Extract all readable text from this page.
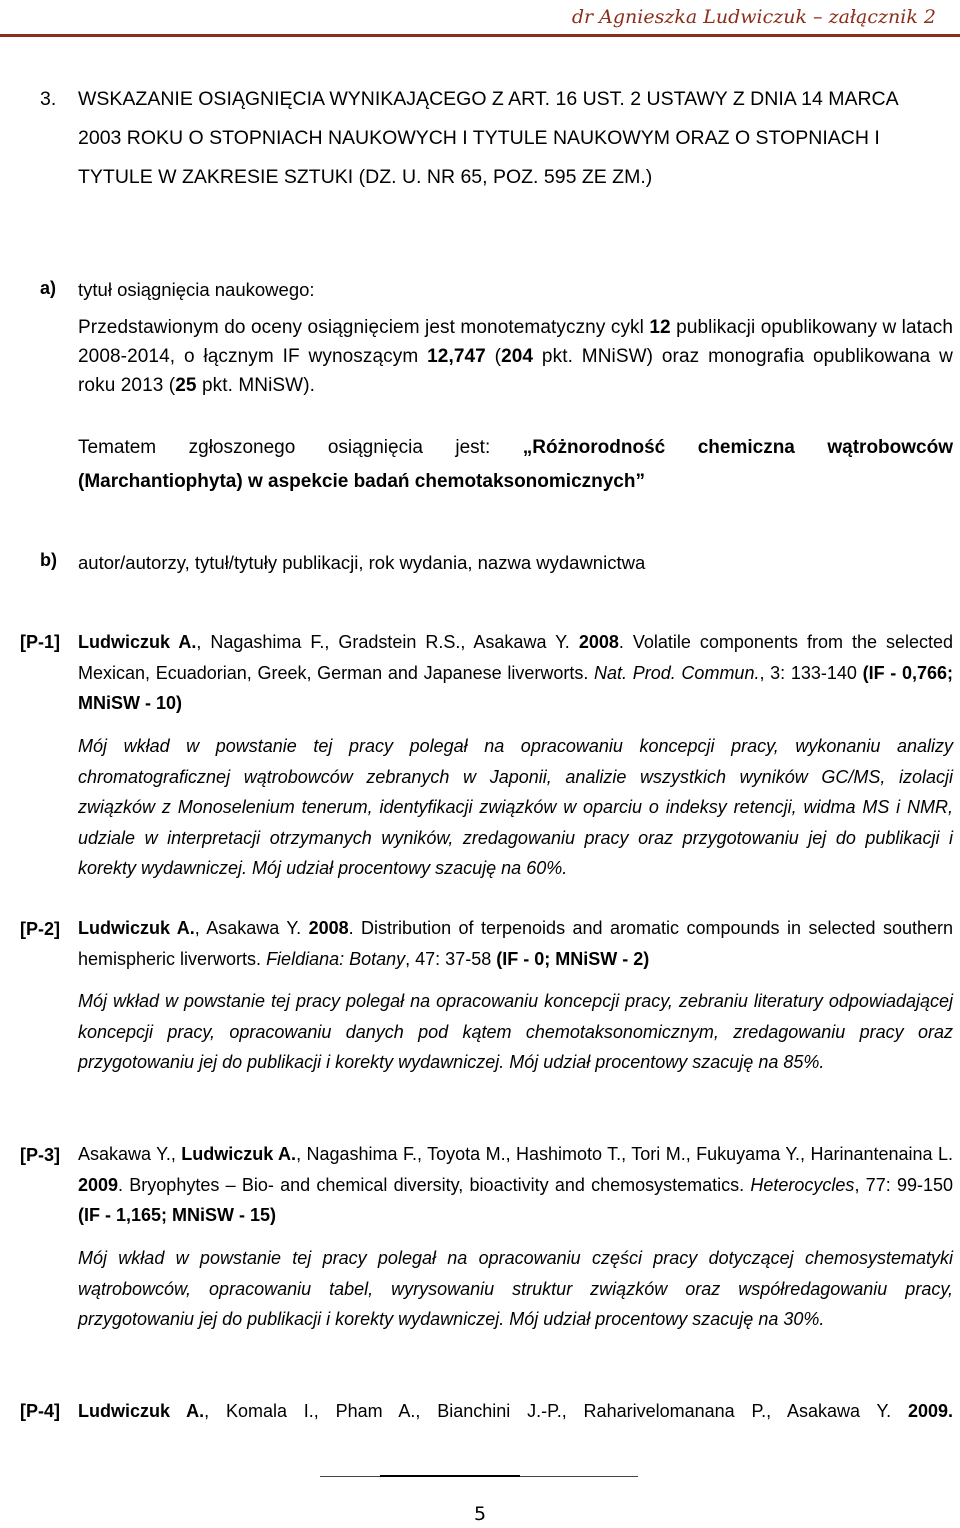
dr Agnieszka Ludwiczuk – załącznik 2
3. WSKAZANIE OSIĄGNIĘCIA WYNIKAJĄCEGO Z ART. 16 UST. 2 USTAWY Z DNIA 14 MARCA 2003 ROKU O STOPNIACH NAUKOWYCH I TYTULE NAUKOWYM ORAZ O STOPNIACH I TYTULE W ZAKRESIE SZTUKI (DZ. U. NR 65, POZ. 595 ZE ZM.)
a) tytuł osiągnięcia naukowego:
Przedstawionym do oceny osiągnięciem jest monotematyczny cykl 12 publikacji opublikowany w latach 2008-2014, o łącznym IF wynoszącym 12,747 (204 pkt. MNiSW) oraz monografia opublikowana w roku 2013 (25 pkt. MNiSW).
Tematem zgłoszonego osiągnięcia jest: „Różnorodność chemiczna wątrobowców (Marchantiophyta) w aspekcie badań chemotaksonomicznych”
b) autor/autorzy, tytuł/tytuły publikacji, rok wydania, nazwa wydawnictwa
[P-1] Ludwiczuk A., Nagashima F., Gradstein R.S., Asakawa Y. 2008. Volatile components from the selected Mexican, Ecuadorian, Greek, German and Japanese liverworts. Nat. Prod. Commun., 3: 133-140 (IF - 0,766; MNiSW - 10)
Mój wkład w powstanie tej pracy polegał na opracowaniu koncepcji pracy, wykonaniu analizy chromatograficznej wątrobowców zebranych w Japonii, analizie wszystkich wyników GC/MS, izolacji związków z Monoselenium tenerum, identyfikacji związków w oparciu o indeksy retencji, widma MS i NMR, udziale w interpretacji otrzymanych wyników, zredagowaniu pracy oraz przygotowaniu jej do publikacji i korekty wydawniczej. Mój udział procentowy szacuję na 60%.
[P-2] Ludwiczuk A., Asakawa Y. 2008. Distribution of terpenoids and aromatic compounds in selected southern hemispheric liverworts. Fieldiana: Botany, 47: 37-58 (IF - 0; MNiSW - 2)
Mój wkład w powstanie tej pracy polegał na opracowaniu koncepcji pracy, zebraniu literatury odpowiadającej koncepcji pracy, opracowaniu danych pod kątem chemotaksonomicznym, zredagowaniu pracy oraz przygotowaniu jej do publikacji i korekty wydawniczej. Mój udział procentowy szacuję na 85%.
[P-3] Asakawa Y., Ludwiczuk A., Nagashima F., Toyota M., Hashimoto T., Tori M., Fukuyama Y., Harinantenaina L. 2009. Bryophytes – Bio- and chemical diversity, bioactivity and chemosystematics. Heterocycles, 77: 99-150 (IF - 1,165; MNiSW - 15)
Mój wkład w powstanie tej pracy polegał na opracowaniu części pracy dotyczącej chemosystematyki wątrobowców, opracowaniu tabel, wyrysowaniu struktur związków oraz współredagowaniu pracy, przygotowaniu jej do publikacji i korekty wydawniczej. Mój udział procentowy szacuję na 30%.
[P-4] Ludwiczuk A., Komala I., Pham A., Bianchini J.-P., Raharivelomanana P., Asakawa Y. 2009.
5
